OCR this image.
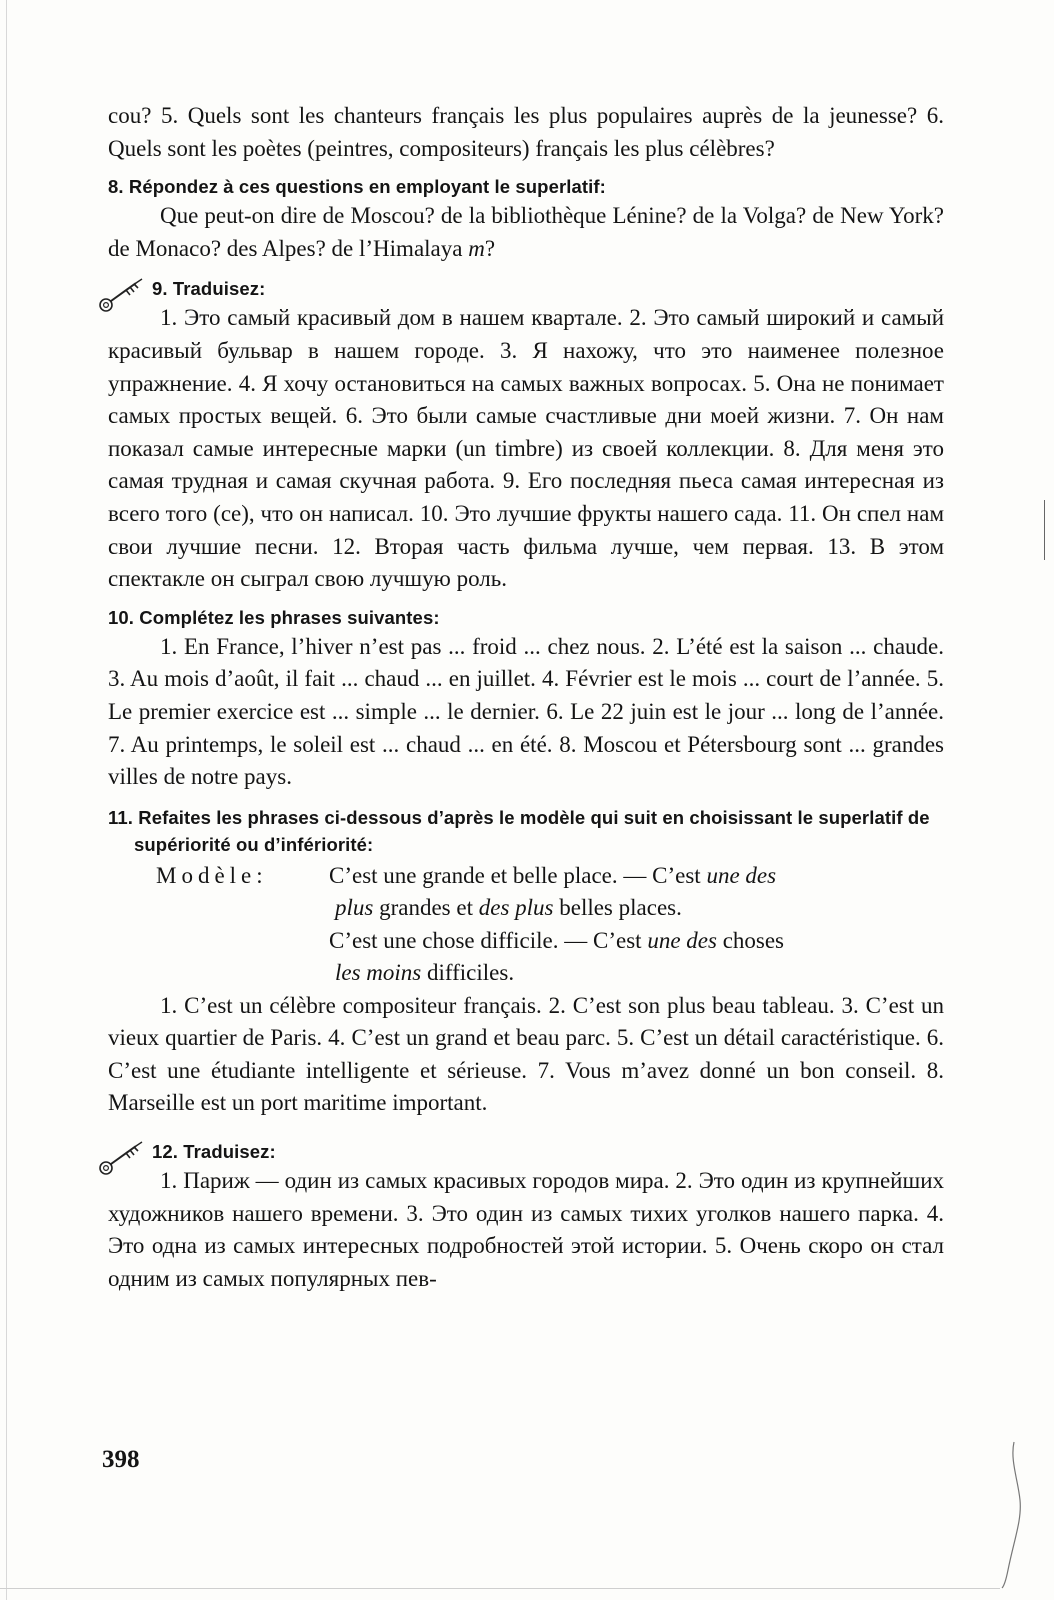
cou? 5. Quels sont les chanteurs français les plus populaires auprès de la jeunesse? 6. Quels sont les poètes (peintres, compositeurs) français les plus célèbres?

8. Répondez à ces questions en employant le superlatif:

Que peut-on dire de Moscou? de la bibliothèque Lénine? de la Volga? de New York? de Monaco? des Alpes? de l’Himalaya m?

9. Traduisez:

1. Это самый красивый дом в нашем квартале. 2. Это самый широкий и самый красивый бульвар в нашем городе. 3. Я нахожу, что это наименее полезное упражнение. 4. Я хочу остановиться на самых важных вопросах. 5. Она не понимает самых простых вещей. 6. Это были самые счастливые дни моей жизни. 7. Он нам показал самые интересные марки (un timbre) из своей коллекции. 8. Для меня это самая трудная и самая скучная работа. 9. Его последняя пьеса самая интересная из всего того (ce), что он написал. 10. Это лучшие фрукты нашего сада. 11. Он спел нам свои лучшие песни. 12. Вторая часть фильма лучше, чем первая. 13. В этом спектакле он сыграл свою лучшую роль.

10. Complétez les phrases suivantes:

1. En France, l’hiver n’est pas ... froid ... chez nous. 2. L’été est la saison ... chaude. 3. Au mois d’août, il fait ... chaud ... en juillet. 4. Février est le mois ... court de l’année. 5. Le premier exercice est ... simple ... le dernier. 6. Le 22 juin est le jour ... long de l’année. 7. Au printemps, le soleil est ... chaud ... en été. 8. Moscou et Pétersbourg sont ... grandes villes de notre pays.

11. Refaites les phrases ci-dessous d’après le modèle qui suit en choisissant le superlatif de supériorité ou d’infériorité:

Modèle:	C’est une grande et belle place. — C’est une des
plus grandes et des plus belles places.
C’est une chose difficile. — C’est une des choses
les moins difficiles.

1. C’est un célèbre compositeur français. 2. C’est son plus beau tableau. 3. C’est un vieux quartier de Paris. 4. C’est un grand et beau parc. 5. C’est un détail caractéristique. 6. C’est une étudiante intelligente et sérieuse. 7. Vous m’avez donné un bon conseil. 8. Marseille est un port maritime important.

12. Traduisez:

1. Париж — один из самых красивых городов мира. 2. Это один из крупнейших художников нашего времени. 3. Это один из самых тихих уголков нашего парка. 4. Это одна из самых интересных подробностей этой истории. 5. Очень скоро он стал одним из самых популярных пев-

398
